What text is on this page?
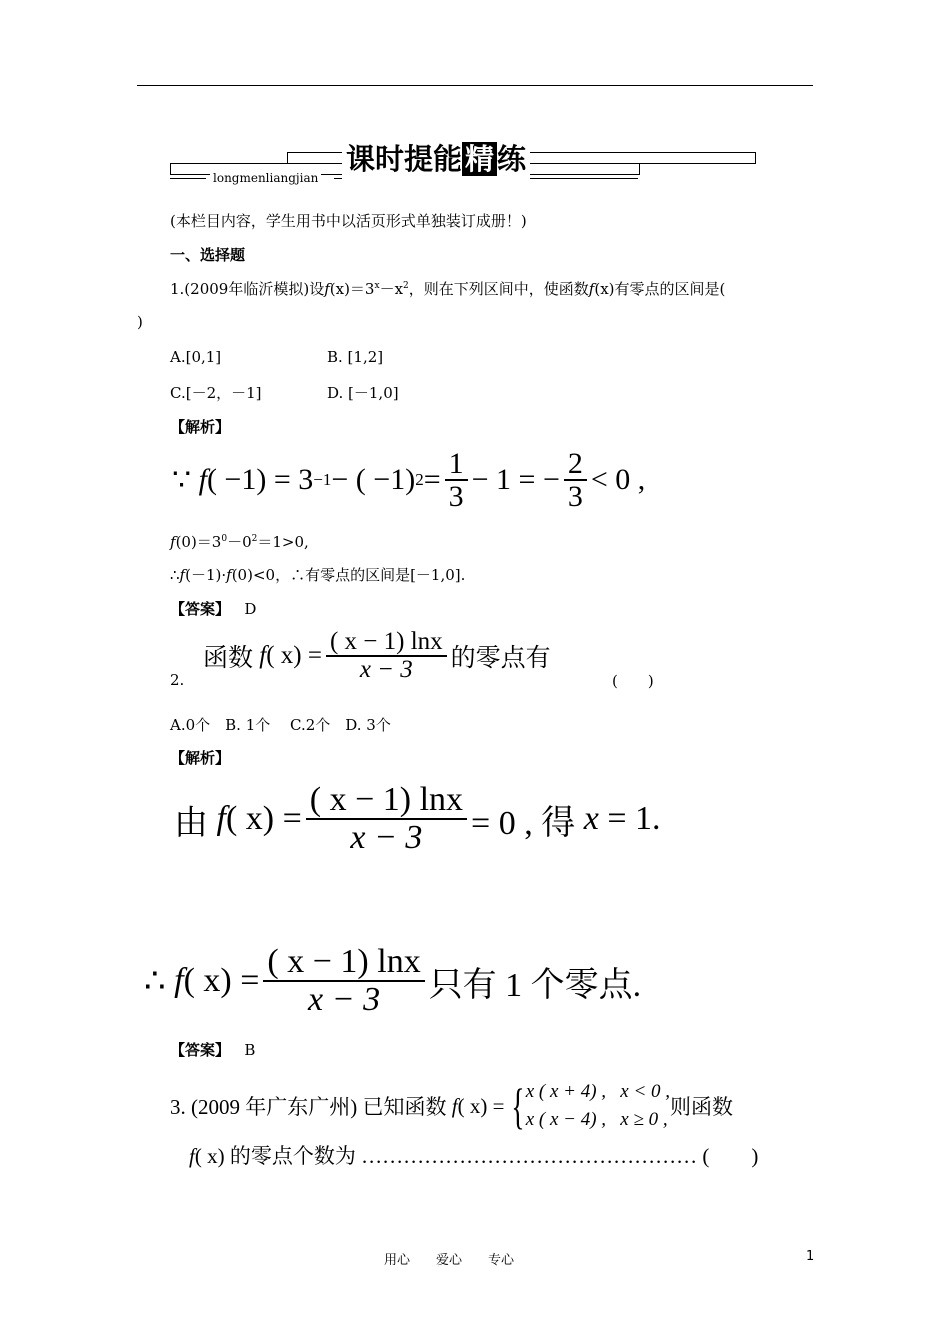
课时提能 精 练
longmenliangjian
(本栏目内容，学生用书中以活页形式单独装订成册！)
一、选择题
1.(2009年临沂模拟)设$f(x)=3^x-x^2$，则在下列区间中，使函数f(x)有零点的区间是(
)
A.[0,1]	B. [1,2]
C.[－2，－1]	D. [－1,0]
【解析】
∵
f ( −1) = 3 −1 − ( −1) $2 = \frac{1}{3} - 1$ = − $\frac{2}{3} < 0$ ,
$f(0)=3^0-0^2=1>0$,
∴f(－1)·f(0)<0，∴有零点的区间是[－1,0].
【答案】 D
2.
函数
f ( $x) = \frac{( x - 1) \ln x}{x - 3}$ 的零点有
(　　)
A.0个　B. 1个　 C.2个　D. 3个
【解析】
由
f ( $x) = \frac{( x - 1) \ln x}{x - 3} = 0$ , 得
x
= 1.
∴
f ( $x) = \frac{( x - 1) \ln x}{x - 3}$ 只有 1 个零点.
【答案】 B
3. (2009 年广东广州) 已知函数
f ( x) =
{ x ( x + 4) , x < 0 ,
x ( x − 4) , x ≥ 0 ,
则函数
f( x) 的零点个数为 ………………………………………… (　　)
用心　　爱心　　专心	1
